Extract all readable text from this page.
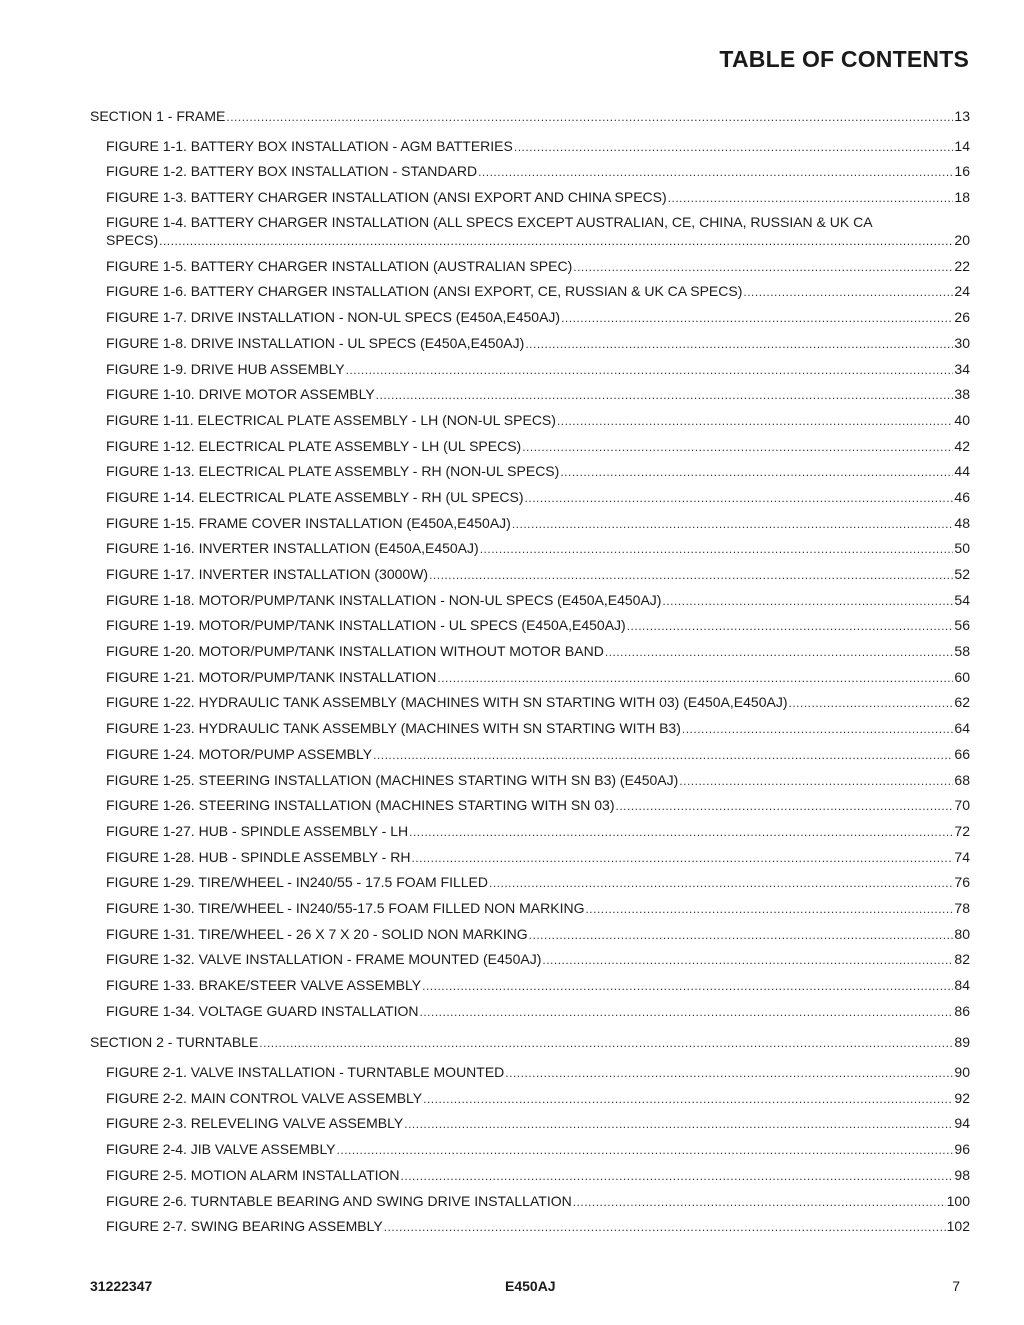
TABLE OF CONTENTS
SECTION 1 - FRAME .....	13
FIGURE 1-1. BATTERY BOX INSTALLATION - AGM BATTERIES .....	14
FIGURE 1-2. BATTERY BOX INSTALLATION - STANDARD .....	16
FIGURE 1-3. BATTERY CHARGER INSTALLATION (ANSI EXPORT AND CHINA SPECS) .....	18
FIGURE 1-4. BATTERY CHARGER INSTALLATION (ALL SPECS EXCEPT AUSTRALIAN, CE, CHINA, RUSSIAN & UK CA
SPECS) .....	20
FIGURE 1-5. BATTERY CHARGER INSTALLATION (AUSTRALIAN SPEC) .....	22
FIGURE 1-6. BATTERY CHARGER INSTALLATION (ANSI EXPORT, CE, RUSSIAN & UK CA SPECS) .....	24
FIGURE 1-7. DRIVE INSTALLATION - NON-UL SPECS (E450A,E450AJ) .....	26
FIGURE 1-8. DRIVE INSTALLATION - UL SPECS (E450A,E450AJ) .....	30
FIGURE 1-9. DRIVE HUB ASSEMBLY .....	34
FIGURE 1-10. DRIVE MOTOR ASSEMBLY .....	38
FIGURE 1-11. ELECTRICAL PLATE ASSEMBLY - LH (NON-UL SPECS) .....	40
FIGURE 1-12. ELECTRICAL PLATE ASSEMBLY - LH (UL SPECS) .....	42
FIGURE 1-13. ELECTRICAL PLATE ASSEMBLY - RH (NON-UL SPECS) .....	44
FIGURE 1-14. ELECTRICAL PLATE ASSEMBLY - RH (UL SPECS) .....	46
FIGURE 1-15. FRAME COVER INSTALLATION (E450A,E450AJ) .....	48
FIGURE 1-16. INVERTER INSTALLATION (E450A,E450AJ) .....	50
FIGURE 1-17. INVERTER INSTALLATION (3000W) .....	52
FIGURE 1-18. MOTOR/PUMP/TANK INSTALLATION - NON-UL SPECS (E450A,E450AJ) .....	54
FIGURE 1-19. MOTOR/PUMP/TANK INSTALLATION - UL SPECS (E450A,E450AJ) .....	56
FIGURE 1-20. MOTOR/PUMP/TANK INSTALLATION WITHOUT MOTOR BAND .....	58
FIGURE 1-21. MOTOR/PUMP/TANK INSTALLATION .....	60
FIGURE 1-22. HYDRAULIC TANK ASSEMBLY (MACHINES WITH SN STARTING WITH 03) (E450A,E450AJ) .....	62
FIGURE 1-23. HYDRAULIC TANK ASSEMBLY (MACHINES WITH SN STARTING WITH B3) .....	64
FIGURE 1-24. MOTOR/PUMP ASSEMBLY .....	66
FIGURE 1-25. STEERING INSTALLATION (MACHINES STARTING WITH SN B3) (E450AJ) .....	68
FIGURE 1-26. STEERING INSTALLATION (MACHINES STARTING WITH SN 03) .....	70
FIGURE 1-27. HUB - SPINDLE ASSEMBLY - LH .....	72
FIGURE 1-28. HUB - SPINDLE ASSEMBLY - RH .....	74
FIGURE 1-29. TIRE/WHEEL - IN240/55 - 17.5 FOAM FILLED .....	76
FIGURE 1-30. TIRE/WHEEL - IN240/55-17.5 FOAM FILLED NON MARKING .....	78
FIGURE 1-31. TIRE/WHEEL - 26 X 7 X 20 - SOLID NON MARKING .....	80
FIGURE 1-32. VALVE INSTALLATION - FRAME MOUNTED (E450AJ) .....	82
FIGURE 1-33. BRAKE/STEER VALVE ASSEMBLY .....	84
FIGURE 1-34. VOLTAGE GUARD INSTALLATION .....	86
SECTION 2 - TURNTABLE .....	89
FIGURE 2-1. VALVE INSTALLATION - TURNTABLE MOUNTED .....	90
FIGURE 2-2. MAIN CONTROL VALVE ASSEMBLY .....	92
FIGURE 2-3. RELEVELING VALVE ASSEMBLY .....	94
FIGURE 2-4. JIB VALVE ASSEMBLY .....	96
FIGURE 2-5. MOTION ALARM INSTALLATION .....	98
FIGURE 2-6. TURNTABLE BEARING AND SWING DRIVE INSTALLATION .....	100
FIGURE 2-7. SWING BEARING ASSEMBLY .....	102
31222347	E450AJ	7
